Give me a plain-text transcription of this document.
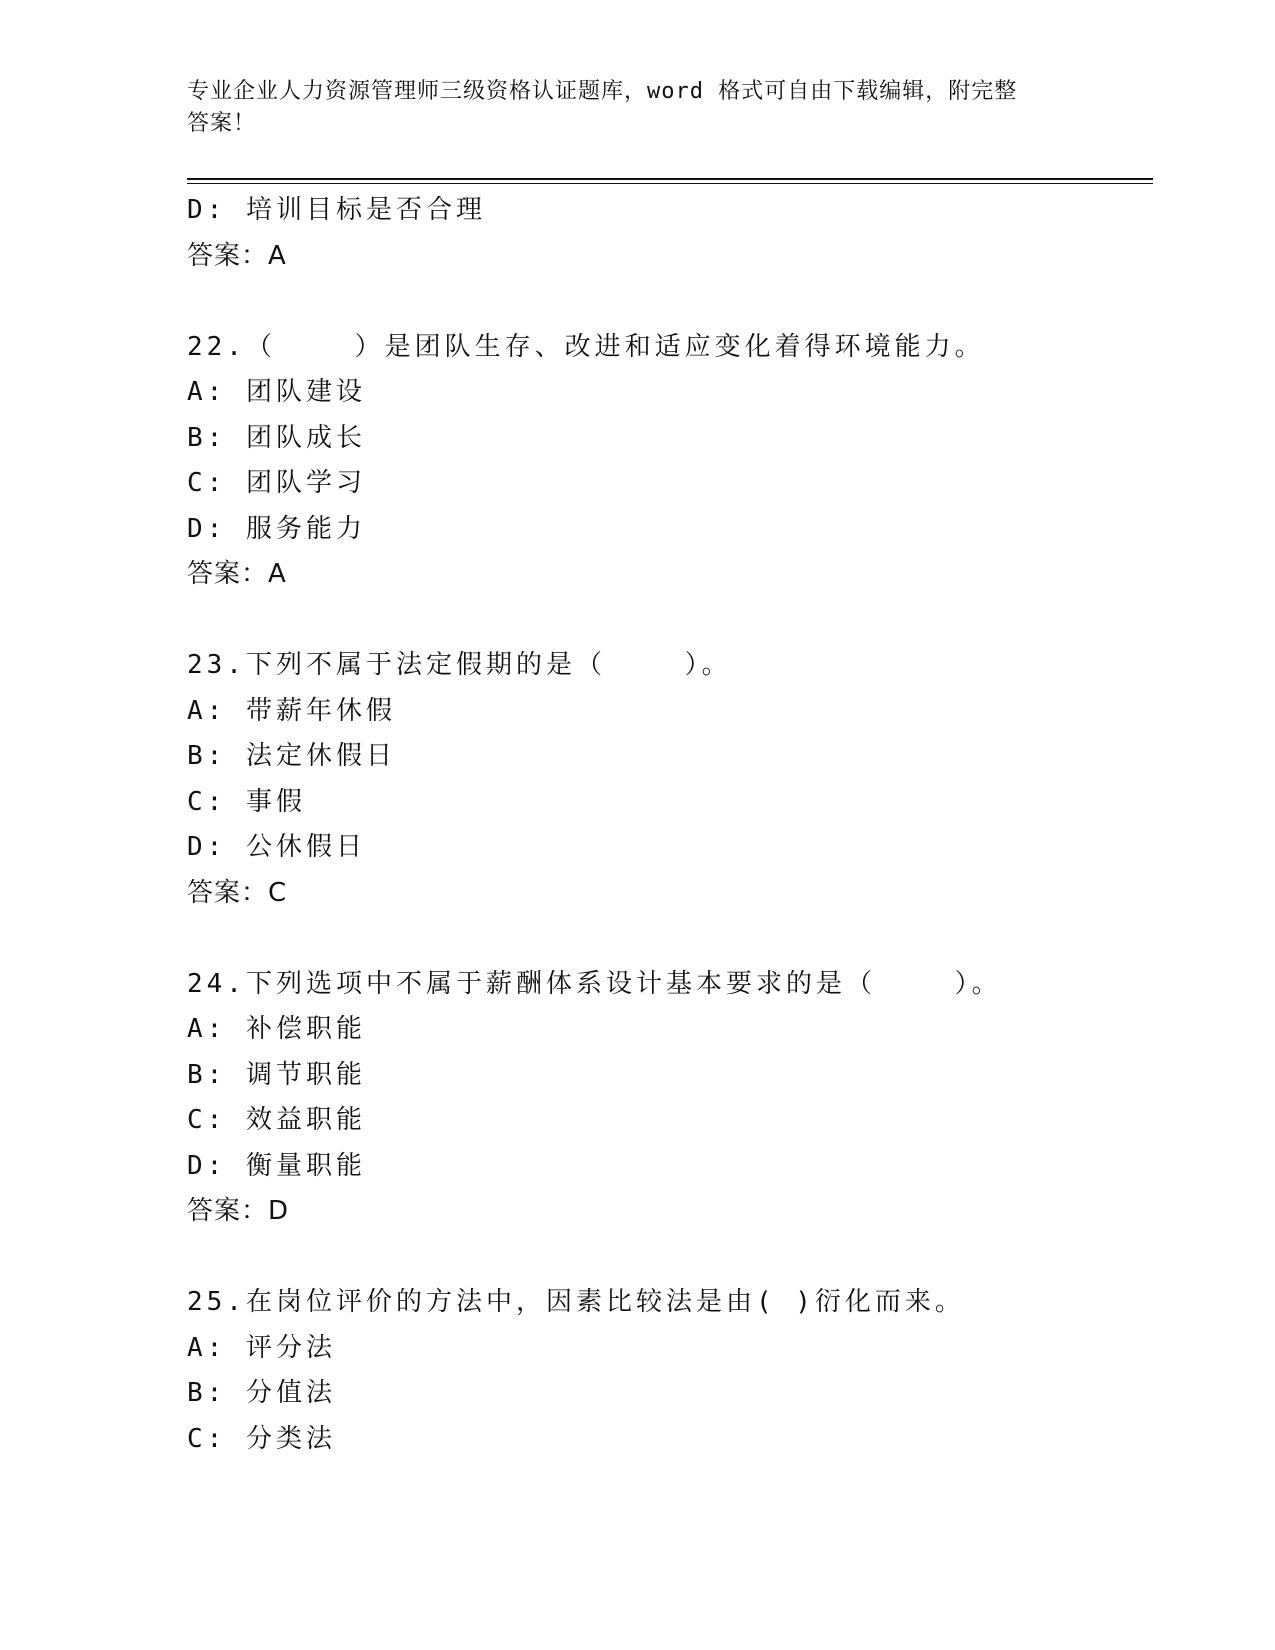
专业企业人力资源管理师三级资格认证题库，word 格式可自由下载编辑，附完整
答案！
D: 培训目标是否合理
答案：A
22.（    ）是团队生存、改进和适应变化着得环境能力。
A: 团队建设
B: 团队成长
C: 团队学习
D: 服务能力
答案：A
23.下列不属于法定假期的是（    ）。
A: 带薪年休假
B: 法定休假日
C: 事假
D: 公休假日
答案：C
24.下列选项中不属于薪酬体系设计基本要求的是（    ）。
A: 补偿职能
B: 调节职能
C: 效益职能
D: 衡量职能
答案：D
25.在岗位评价的方法中，因素比较法是由( )衍化而来。
A: 评分法
B: 分值法
C: 分类法
